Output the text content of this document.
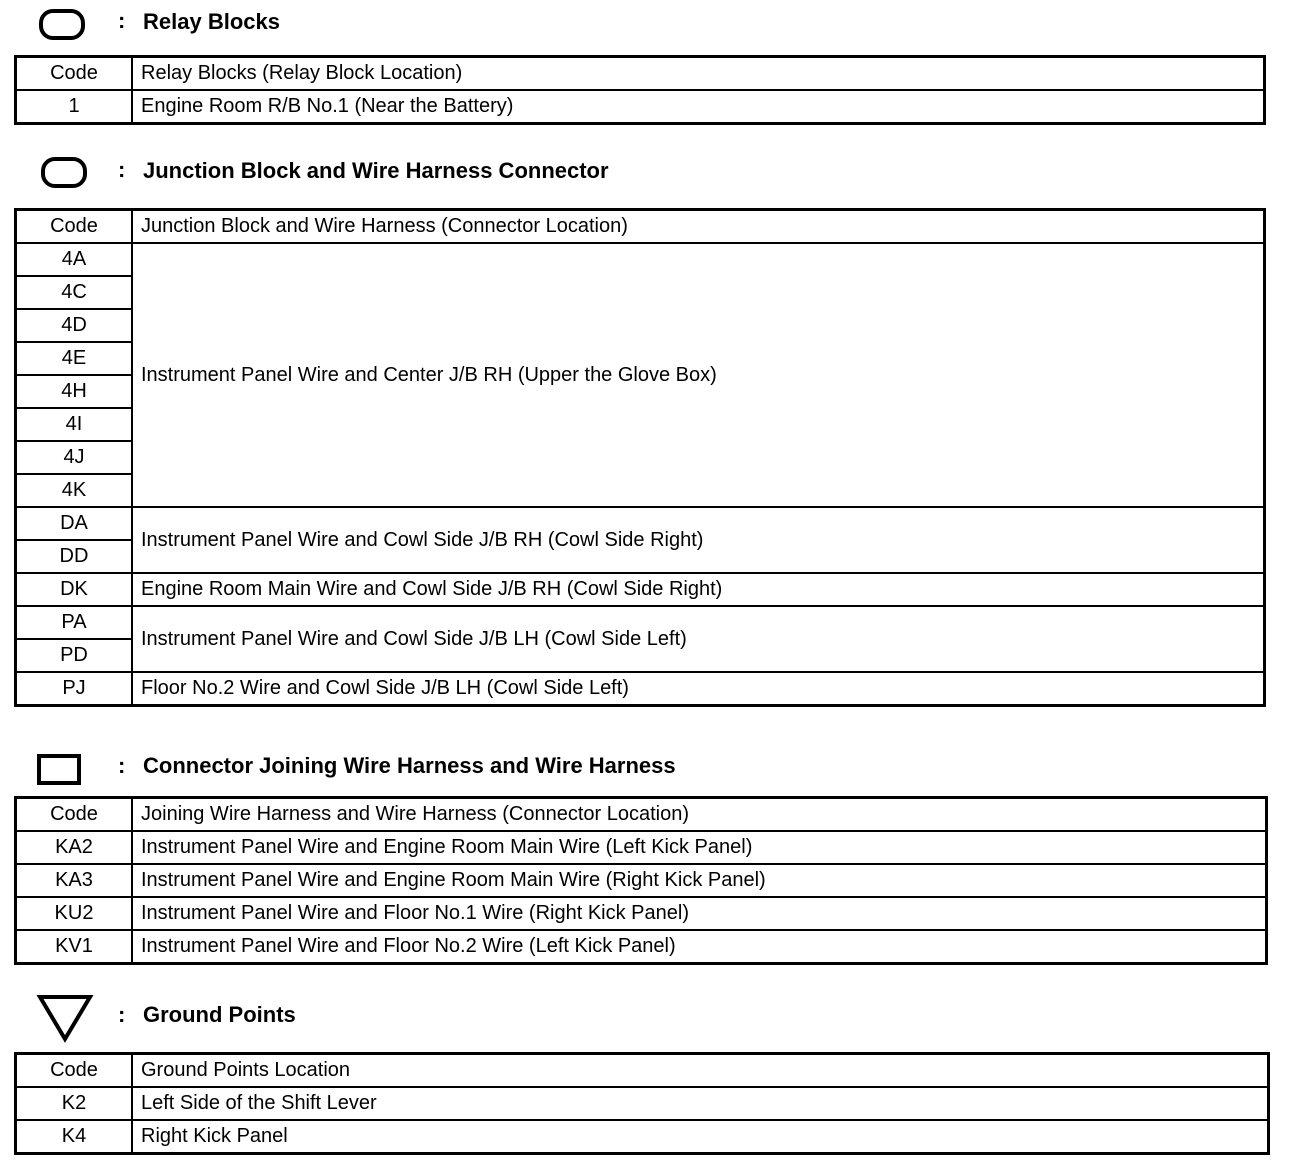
: Relay Blocks
Code	Relay Blocks (Relay Block Location)
1	Engine Room R/B No.1 (Near the Battery)
: Junction Block and Wire Harness Connector
Code	Junction Block and Wire Harness (Connector Location)
4A	Instrument Panel Wire and Center J/B RH (Upper the Glove Box)
4C	
4D	
4E	
4H	
4I	
4J	
4K	
DA	Instrument Panel Wire and Cowl Side J/B RH (Cowl Side Right)
DD	
DK	Engine Room Main Wire and Cowl Side J/B RH (Cowl Side Right)
PA	Instrument Panel Wire and Cowl Side J/B LH (Cowl Side Left)
PD	
PJ	Floor No.2 Wire and Cowl Side J/B LH (Cowl Side Left)
: Connector Joining Wire Harness and Wire Harness
Code	Joining Wire Harness and Wire Harness (Connector Location)
KA2	Instrument Panel Wire and Engine Room Main Wire (Left Kick Panel)
KA3	Instrument Panel Wire and Engine Room Main Wire (Right Kick Panel)
KU2	Instrument Panel Wire and Floor No.1 Wire (Right Kick Panel)
KV1	Instrument Panel Wire and Floor No.2 Wire (Left Kick Panel)
: Ground Points
Code	Ground Points Location
K2	Left Side of the Shift Lever
K4	Right Kick Panel
